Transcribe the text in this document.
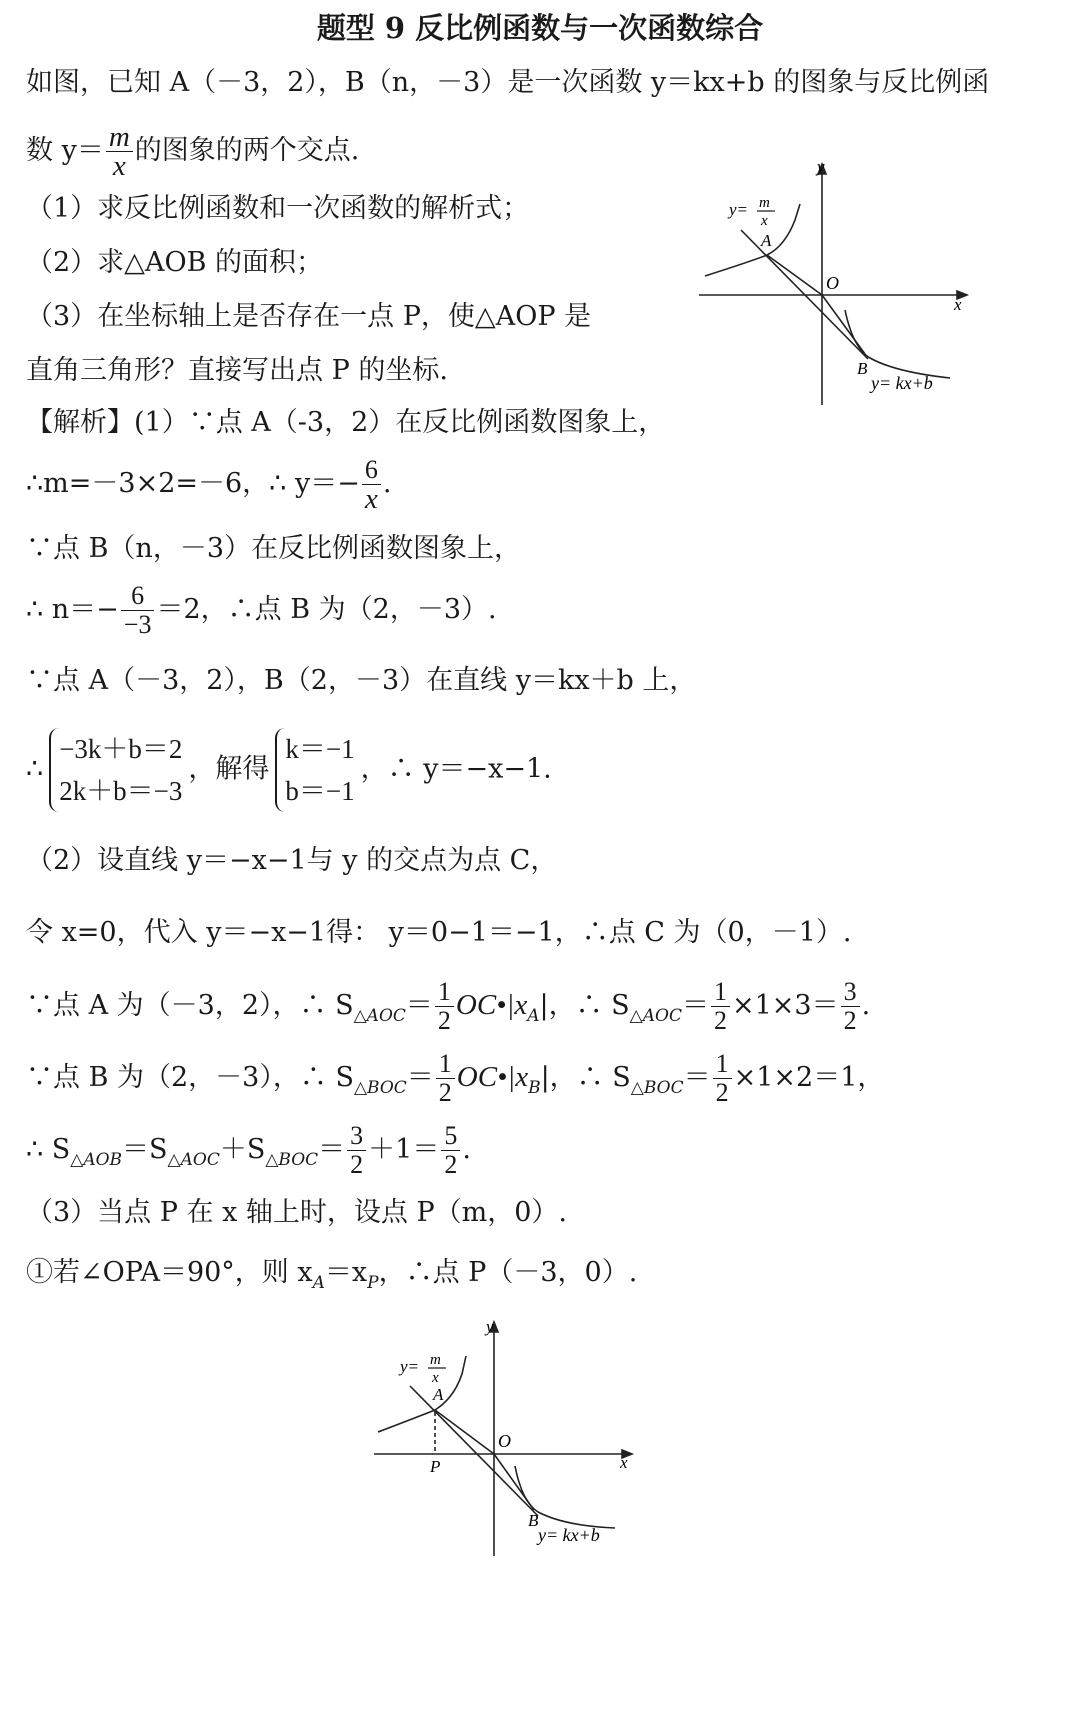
题型 9 反比例函数与一次函数综合
如图，已知 A（－3，2），B（n，－3）是一次函数 y＝kx+b 的图象与反比例函
数 $y= \frac{m}{x}$ 的图象的两个交点.
（1）求反比例函数和一次函数的解析式；
（2）求△AOB 的面积；
（3）在坐标轴上是否存在一点 P，使△AOP 是
直角三角形？直接写出点 P 的坐标.
y
x
O
A
B
y= kx+b
y= m
x
【解析】(1）∵点 A（-3，2）在反比例函数图象上，
∴m=－3×2=－6，∴ $y=- \frac{6}{x}$ .
∵点 B（n，－3）在反比例函数图象上，
∴ $n=- \frac{6}{-3} =2$，∴点 B 为（2，－3）.
∵点 A（－3，2），B（2，－3）在直线 y＝kx＋b 上，
∴
−3k＋b＝2
2k＋b＝−3
，解得
k＝−1
b＝−1
，∴ y＝−x−1.
（2）设直线 y＝−x−1与 y 的交点为点 C，
令 x=0，代入 y＝−x−1得： y＝0−1＝−1，∴点 C 为（0，－1）.
∵点 A 为（－3，2），∴ $S_{\triangle AOC}= \frac{1}{2}$ $OC•|x_A|$，∴ $S_{\triangle AOC}= \frac{1}{2} \times 1\times 3= \frac{3}{2}$ .
∵点 B 为（2，－3），∴ $S_{\triangle BOC}= \frac{1}{2}$ $OC•|x_B|$，∴ $S_{\triangle BOC}= \frac{1}{2} \times 1\times 2=1$，
∴ $S_{\triangle AOB}=S_{\triangle AOC}+S_{\triangle BOC}= \frac{3}{2} +1= \frac{5}{2}$ .
（3）当点 P 在 x 轴上时，设点 P（m，0）.
①若∠OPA＝90°，则 $x_A=x_P$，∴点 P（－3，0）.
y
x
O
A
B
P
y= kx+b
y= m
x
